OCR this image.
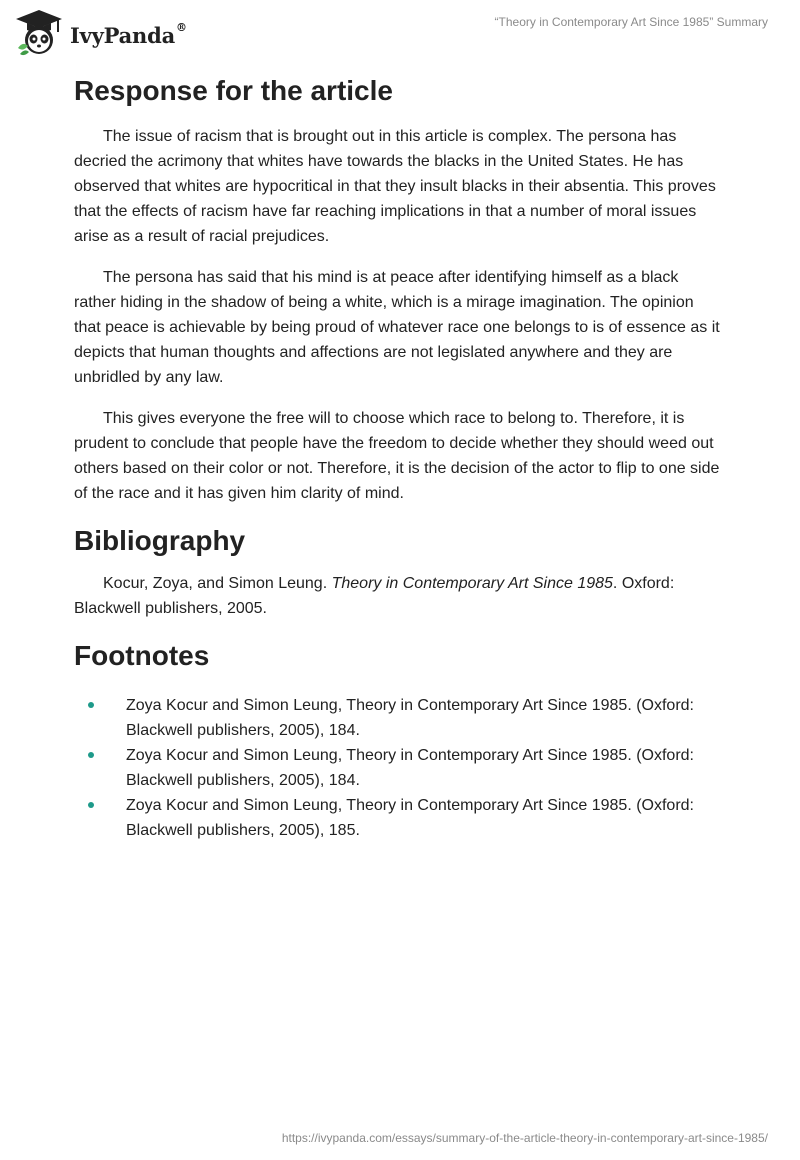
IvyPanda®	“Theory in Contemporary Art Since 1985” Summary
Response for the article

The issue of racism that is brought out in this article is complex. The persona has decried the acrimony that whites have towards the blacks in the United States. He has observed that whites are hypocritical in that they insult blacks in their absentia. This proves that the effects of racism have far reaching implications in that a number of moral issues arise as a result of racial prejudices.

The persona has said that his mind is at peace after identifying himself as a black rather hiding in the shadow of being a white, which is a mirage imagination. The opinion that peace is achievable by being proud of whatever race one belongs to is of essence as it depicts that human thoughts and affections are not legislated anywhere and they are unbridled by any law.

This gives everyone the free will to choose which race to belong to. Therefore, it is prudent to conclude that people have the freedom to decide whether they should weed out others based on their color or not. Therefore, it is the decision of the actor to flip to one side of the race and it has given him clarity of mind.

Bibliography

Kocur, Zoya, and Simon Leung. Theory in Contemporary Art Since 1985. Oxford: Blackwell publishers, 2005.

Footnotes
Zoya Kocur and Simon Leung, Theory in Contemporary Art Since 1985. (Oxford: Blackwell publishers, 2005), 184.
Zoya Kocur and Simon Leung, Theory in Contemporary Art Since 1985. (Oxford: Blackwell publishers, 2005), 184.
Zoya Kocur and Simon Leung, Theory in Contemporary Art Since 1985. (Oxford: Blackwell publishers, 2005), 185.
https://ivypanda.com/essays/summary-of-the-article-theory-in-contemporary-art-since-1985/
